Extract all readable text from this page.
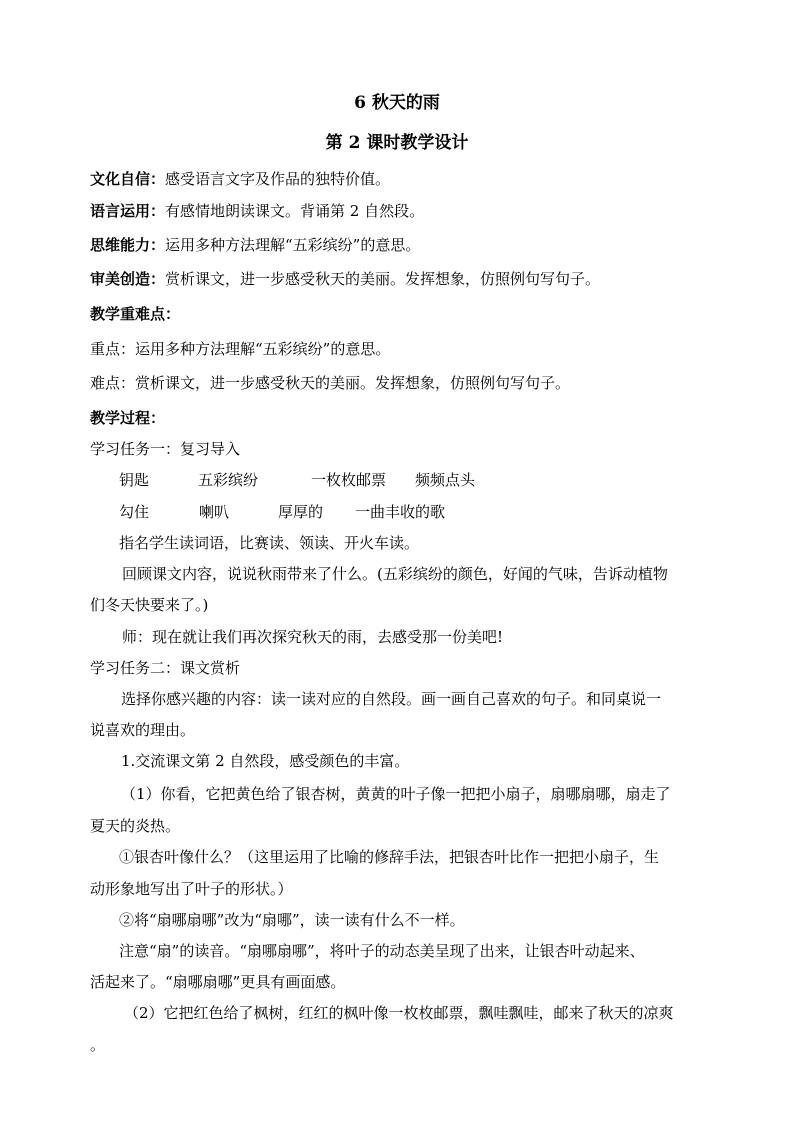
6 秋天的雨
第 2 课时教学设计
文化自信：感受语言文字及作品的独特价值。
语言运用：有感情地朗读课文。背诵第 2 自然段。
思维能力：运用多种方法理解“五彩缤纷”的意思。
审美创造：赏析课文，进一步感受秋天的美丽。发挥想象，仿照例句写句子。
教学重难点：
重点：运用多种方法理解“五彩缤纷”的意思。
难点：赏析课文，进一步感受秋天的美丽。发挥想象，仿照例句写句子。
教学过程：
学习任务一：复习导入
钥匙	五彩缤纷	一枚枚邮票 频频点头
勾住	喇叭	厚厚的 一曲丰收的歌
指名学生读词语，比赛读、领读、开火车读。
回顾课文内容，说说秋雨带来了什么。(五彩缤纷的颜色，好闻的气味，告诉动植物
们冬天快要来了。)
师：现在就让我们再次探究秋天的雨，去感受那一份美吧!
学习任务二：课文赏析
选择你感兴趣的内容：读一读对应的自然段。画一画自己喜欢的句子。和同桌说一
说喜欢的理由。
1.交流课文第 2 自然段，感受颜色的丰富。
（1）你看，它把黄色给了银杏树，黄黄的叶子像一把把小扇子，扇哪扇哪，扇走了
夏天的炎热。
①银杏叶像什么？（这里运用了比喻的修辞手法，把银杏叶比作一把把小扇子，生
动形象地写出了叶子的形状。）
②将“扇哪扇哪”改为“扇哪”，读一读有什么不一样。
注意“扇”的读音。“扇哪扇哪”，将叶子的动态美呈现了出来，让银杏叶动起来、
活起来了。“扇哪扇哪”更具有画面感。
（2）它把红色给了枫树，红红的枫叶像一枚枚邮票，飘哇飘哇，邮来了秋天的凉爽
。
